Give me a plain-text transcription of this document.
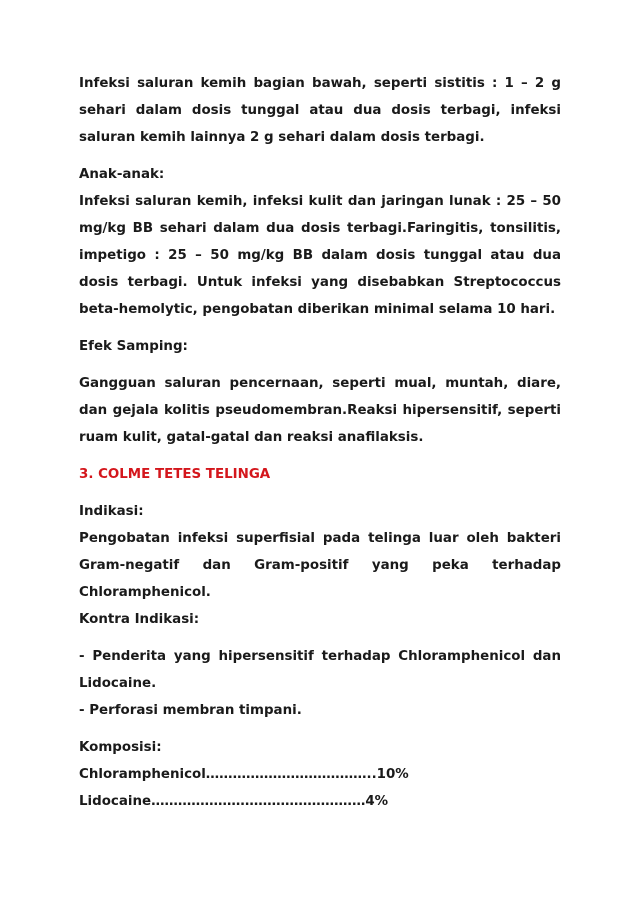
Infeksi saluran kemih bagian bawah, seperti sistitis : 1 – 2 g sehari dalam dosis tunggal atau dua dosis terbagi, infeksi saluran kemih lainnya 2 g sehari dalam dosis terbagi.

Anak-anak:

Infeksi saluran kemih, infeksi kulit dan jaringan lunak : 25 – 50 mg/kg BB sehari dalam dua dosis terbagi.Faringitis, tonsilitis, impetigo : 25 – 50 mg/kg BB dalam dosis tunggal atau dua dosis terbagi. Untuk infeksi yang disebabkan Streptococcus beta-hemolytic, pengobatan diberikan minimal selama 10 hari.

Efek Samping:

Gangguan saluran pencernaan, seperti mual, muntah, diare, dan gejala kolitis pseudomembran.Reaksi hipersensitif, seperti ruam kulit, gatal-gatal dan reaksi anafilaksis.

3. COLME TETES TELINGA

Indikasi:

Pengobatan infeksi superfisial pada telinga luar oleh bakteri Gram-negatif dan Gram-positif yang peka terhadap Chloramphenicol.

Kontra Indikasi:

- Penderita yang hipersensitif terhadap Chloramphenicol dan Lidocaine.

- Perforasi membran timpani.

Komposisi:

Chloramphenicol………………………………..10%

Lidocaine…………………………………………4%
